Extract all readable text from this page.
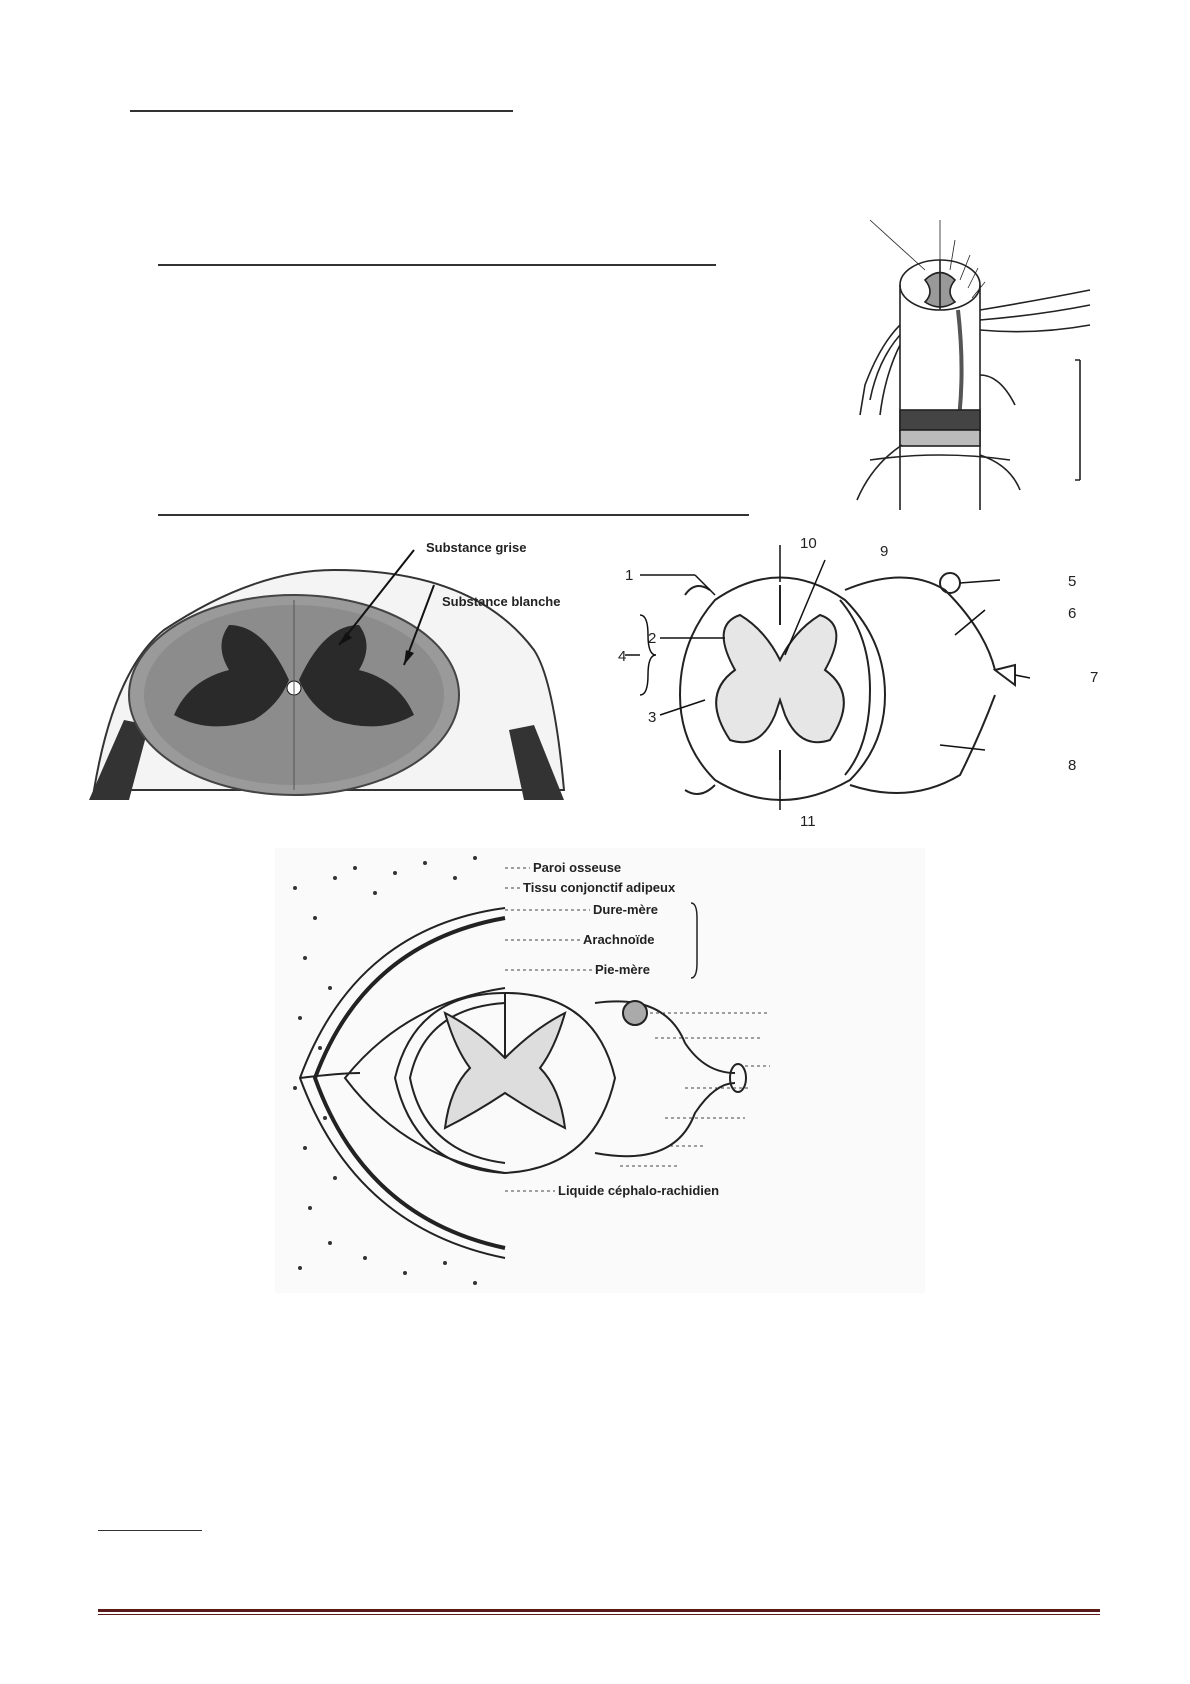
Substance grise
Substance blanche
1
2
3
4
5
6
7
8
9
10
11
Paroi osseuse
Tissu conjonctif adipeux
Dure-mère
Arachnoïde
Pie-mère
Liquide céphalo-rachidien
